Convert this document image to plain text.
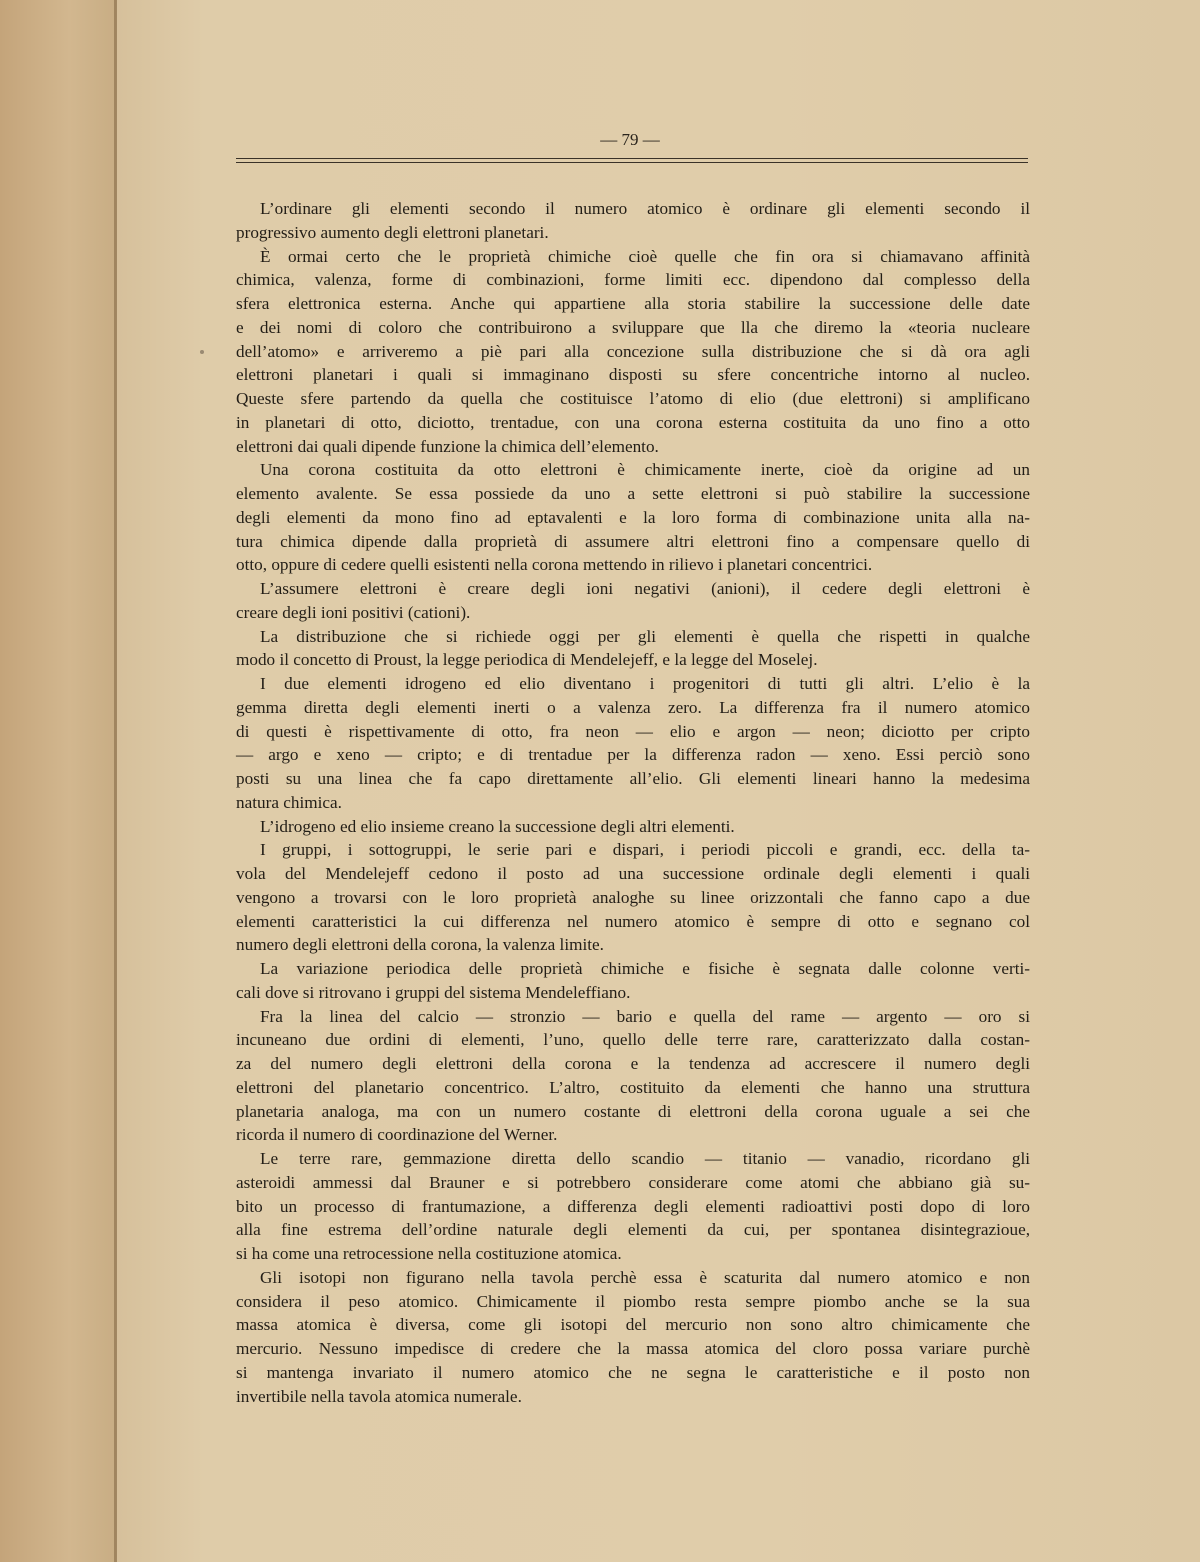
— 79 —
L’ordinare gli elementi secondo il numero atomico è ordinare gli elementi secondo il
progressivo aumento degli elettroni planetari.
È ormai certo che le proprietà chimiche cioè quelle che fin ora si chiamavano affinità
chimica, valenza, forme di combinazioni, forme limiti ecc. dipendono dal complesso della
sfera elettronica esterna. Anche qui appartiene alla storia stabilire la successione delle date
e dei nomi di coloro che contribuirono a sviluppare que lla che diremo la «teoria nucleare
dell’atomo» e arriveremo a piè pari alla concezione sulla distribuzione che si dà ora agli
elettroni planetari i quali si immaginano disposti su sfere concentriche intorno al nucleo.
Queste sfere partendo da quella che costituisce l’atomo di elio (due elettroni) si amplificano
in planetari di otto, diciotto, trentadue, con una corona esterna costituita da uno fino a otto
elettroni dai quali dipende funzione la chimica dell’elemento.
Una corona costituita da otto elettroni è chimicamente inerte, cioè da origine ad un
elemento avalente. Se essa possiede da uno a sette elettroni si può stabilire la successione
degli elementi da mono fino ad eptavalenti e la loro forma di combinazione unita alla na-
tura chimica dipende dalla proprietà di assumere altri elettroni fino a compensare quello di
otto, oppure di cedere quelli esistenti nella corona mettendo in rilievo i planetari concentrici.
L’assumere elettroni è creare degli ioni negativi (anioni), il cedere degli elettroni è
creare degli ioni positivi (cationi).
La distribuzione che si richiede oggi per gli elementi è quella che rispetti in qualche
modo il concetto di Proust, la legge periodica di Mendelejeff, e la legge del Moselej.
I due elementi idrogeno ed elio diventano i progenitori di tutti gli altri. L’elio è la
gemma diretta degli elementi inerti o a valenza zero. La differenza fra il numero atomico
di questi è rispettivamente di otto, fra neon — elio e argon — neon; diciotto per cripto
— argo e xeno — cripto; e di trentadue per la differenza radon — xeno. Essi perciò sono
posti su una linea che fa capo direttamente all’elio. Gli elementi lineari hanno la medesima
natura chimica.
L’idrogeno ed elio insieme creano la successione degli altri elementi.
I gruppi, i sottogruppi, le serie pari e dispari, i periodi piccoli e grandi, ecc. della ta-
vola del Mendelejeff cedono il posto ad una successione ordinale degli elementi i quali
vengono a trovarsi con le loro proprietà analoghe su linee orizzontali che fanno capo a due
elementi caratteristici la cui differenza nel numero atomico è sempre di otto e segnano col
numero degli elettroni della corona, la valenza limite.
La variazione periodica delle proprietà chimiche e fisiche è segnata dalle colonne verti-
cali dove si ritrovano i gruppi del sistema Mendeleffiano.
Fra la linea del calcio — stronzio — bario e quella del rame — argento — oro si
incuneano due ordini di elementi, l’uno, quello delle terre rare, caratterizzato dalla costan-
za del numero degli elettroni della corona e la tendenza ad accrescere il numero degli
elettroni del planetario concentrico. L’altro, costituito da elementi che hanno una struttura
planetaria analoga, ma con un numero costante di elettroni della corona uguale a sei che
ricorda il numero di coordinazione del Werner.
Le terre rare, gemmazione diretta dello scandio — titanio — vanadio, ricordano gli
asteroidi ammessi dal Brauner e si potrebbero considerare come atomi che abbiano già su-
bito un processo di frantumazione, a differenza degli elementi radioattivi posti dopo di loro
alla fine estrema dell’ordine naturale degli elementi da cui, per spontanea disintegrazioue,
si ha come una retrocessione nella costituzione atomica.
Gli isotopi non figurano nella tavola perchè essa è scaturita dal numero atomico e non
considera il peso atomico. Chimicamente il piombo resta sempre piombo anche se la sua
massa atomica è diversa, come gli isotopi del mercurio non sono altro chimicamente che
mercurio. Nessuno impedisce di credere che la massa atomica del cloro possa variare purchè
si mantenga invariato il numero atomico che ne segna le caratteristiche e il posto non
invertibile nella tavola atomica numerale.
